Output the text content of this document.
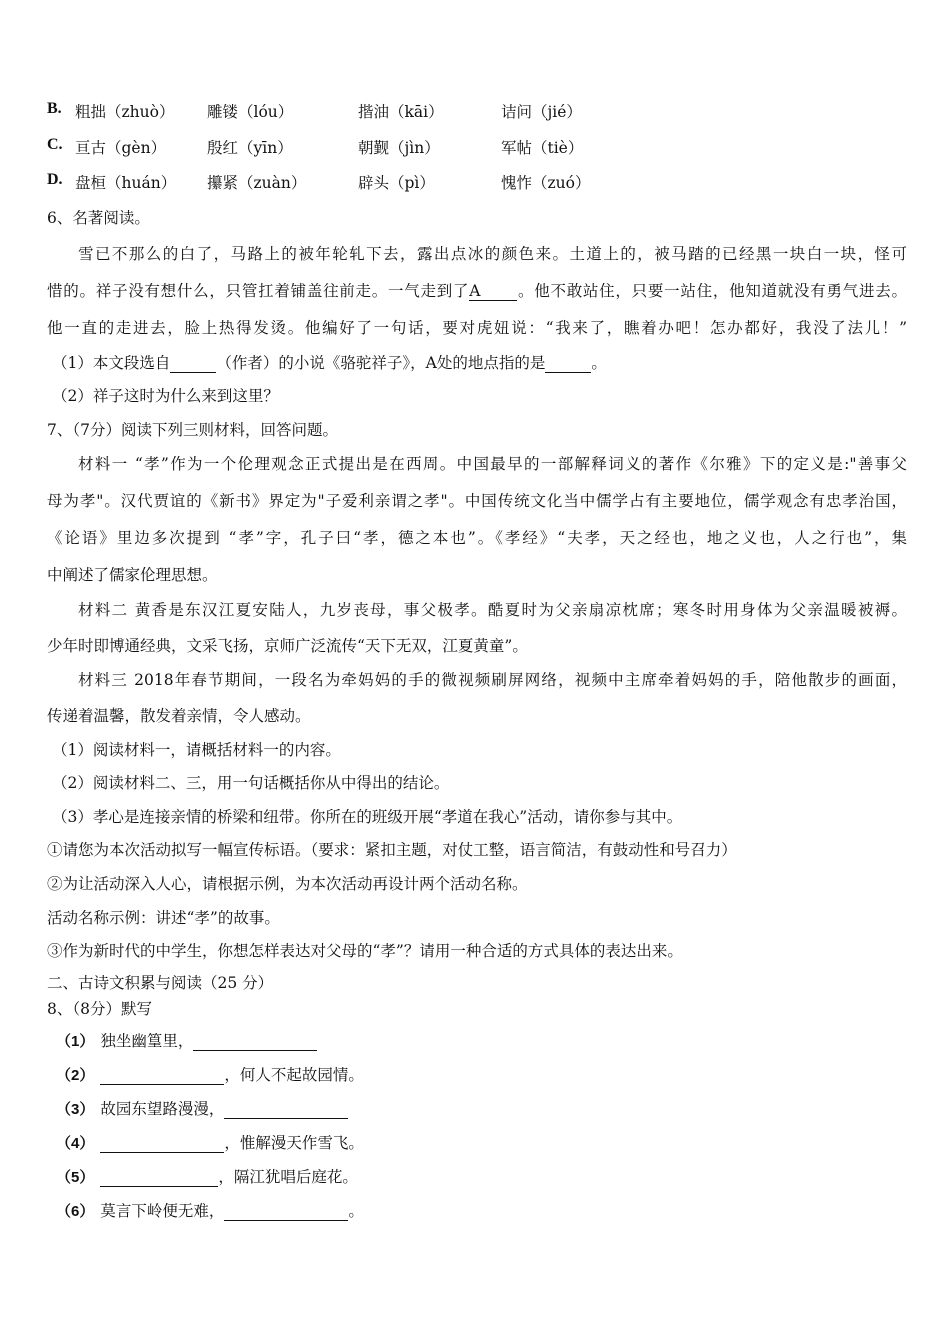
B. 粗拙（zhuò） 雕镂（lóu）	揩油（kāi）	诘问（jié）
C. 亘古（gèn）	殷红（yīn）	朝觐（jìn）	军帖（tiè）
D. 盘桓（huán） 攥紧（zuàn）	辟头（pì）	愧怍（zuó）
6、名著阅读。
雪已不那么的白了，马路上的被年轮轧下去，露出点冰的颜色来。土道上的，被马踏的已经黑一块白一块，怪可
惜的。祥子没有想什么，只管扛着铺盖往前走。一气走到了A 。他不敢站住，只要一站住，他知道就没有勇气进去。
他一直的走进去，脸上热得发烫。他编好了一句话，要对虎妞说：“我来了，瞧着办吧！怎办都好，我没了法儿！”
（1）本文段选自	（作者）的小说《骆驼祥子》，A处的地点指的是	。
（2）祥子这时为什么来到这里？
7、（7分）阅读下列三则材料，回答问题。
材料一 “孝”作为一个伦理观念正式提出是在西周。中国最早的一部解释词义的著作《尔雅》下的定义是:"善事父
母为孝"。汉代贾谊的《新书》界定为"子爱利亲谓之孝"。中国传统文化当中儒学占有主要地位，儒学观念有忠孝治国，
《论语》里边多次提到 “孝”字，孔子曰“孝，德之本也”。《孝经》“夫孝，天之经也，地之义也，人之行也”，集
中阐述了儒家伦理思想。
材料二 黄香是东汉江夏安陆人，九岁丧母，事父极孝。酷夏时为父亲扇凉枕席；寒冬时用身体为父亲温暖被褥。
少年时即博通经典，文采飞扬，京师广泛流传“天下无双，江夏黄童”。
材料三 2018年春节期间，一段名为牵妈妈的手的微视频刷屏网络，视频中主席牵着妈妈的手，陪他散步的画面，
传递着温馨，散发着亲情，令人感动。
（1）阅读材料一，请概括材料一的内容。
（2）阅读材料二、三，用一句话概括你从中得出的结论。
（3）孝心是连接亲情的桥梁和纽带。你所在的班级开展“孝道在我心”活动，请你参与其中。
①请您为本次活动拟写一幅宣传标语。（要求：紧扣主题，对仗工整，语言简洁，有鼓动性和号召力）
②为让活动深入人心，请根据示例，为本次活动再设计两个活动名称。
活动名称示例：讲述“孝”的故事。
③作为新时代的中学生，你想怎样表达对父母的“孝”？请用一种合适的方式具体的表达出来。
二、古诗文积累与阅读（25 分）
8、（8分）默写
（1） 独坐幽篁里，
（2）	，何人不起故园情。
（3） 故园东望路漫漫，
（4）	，惟解漫天作雪飞。
（5）	，隔江犹唱后庭花。
（6） 莫言下岭便无难，	。
